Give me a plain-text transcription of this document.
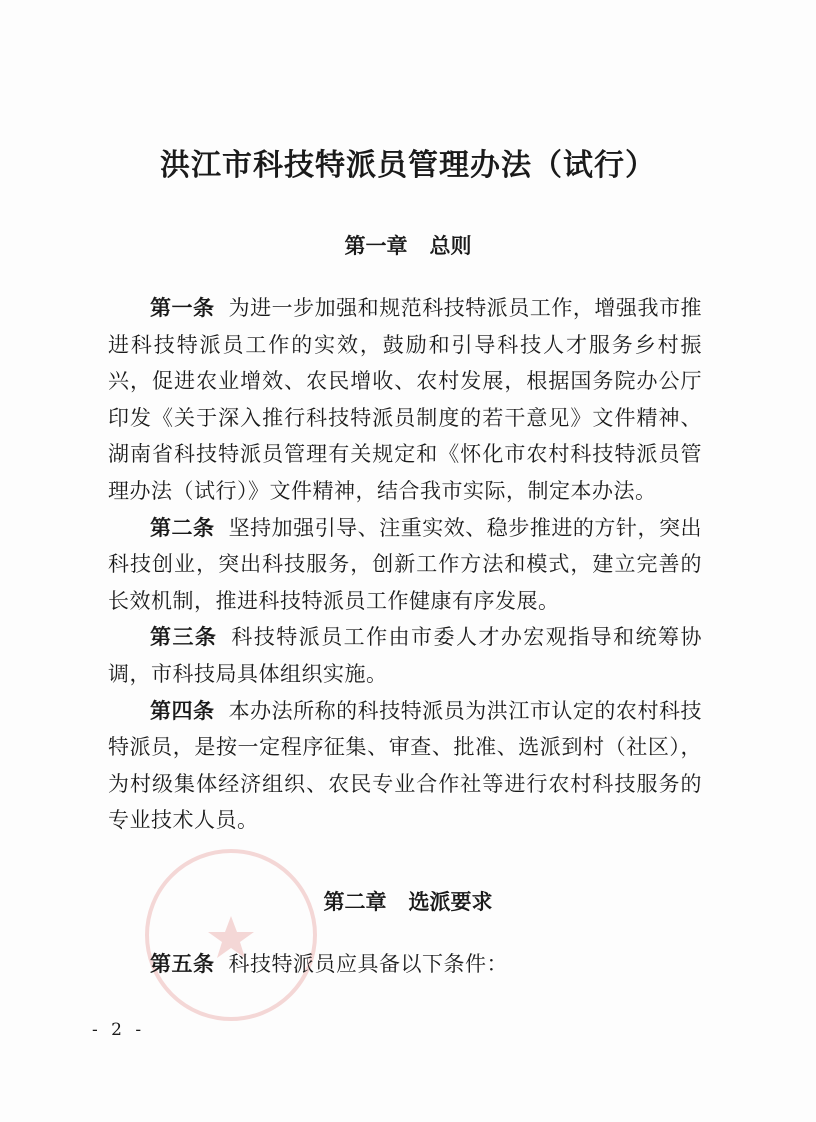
洪江市科技特派员管理办法（试行）
第一章 总则

第一条 为进一步加强和规范科技特派员工作，增强我市推进科技特派员工作的实效，鼓励和引导科技人才服务乡村振兴，促进农业增效、农民增收、农村发展，根据国务院办公厅印发《关于深入推行科技特派员制度的若干意见》文件精神、湖南省科技特派员管理有关规定和《怀化市农村科技特派员管理办法（试行）》文件精神，结合我市实际，制定本办法。

第二条 坚持加强引导、注重实效、稳步推进的方针，突出科技创业，突出科技服务，创新工作方法和模式，建立完善的长效机制，推进科技特派员工作健康有序发展。

第三条 科技特派员工作由市委人才办宏观指导和统筹协调，市科技局具体组织实施。

第四条 本办法所称的科技特派员为洪江市认定的农村科技特派员，是按一定程序征集、审查、批准、选派到村（社区），为村级集体经济组织、农民专业合作社等进行农村科技服务的专业技术人员。

第二章 选派要求

第五条 科技特派员应具备以下条件：

- 2 -
